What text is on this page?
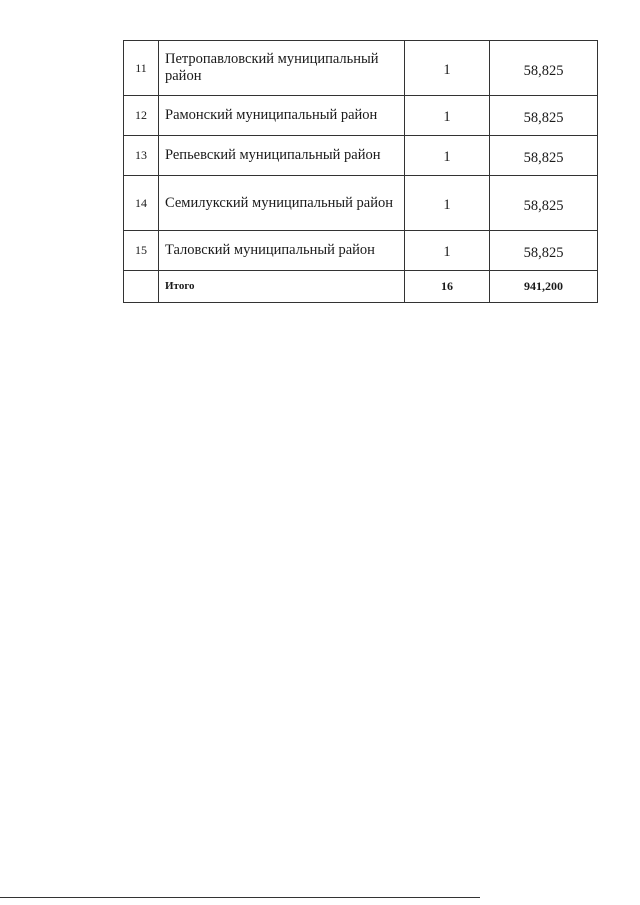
11	Петропавловский муниципальный район	1	58,825
12	Рамонский муниципальный район	1	58,825
13	Репьевский муниципальный район	1	58,825
14	Семилукский муниципальный район	1	58,825
15	Таловский муниципальный район	1	58,825
	Итого	16	941,200
